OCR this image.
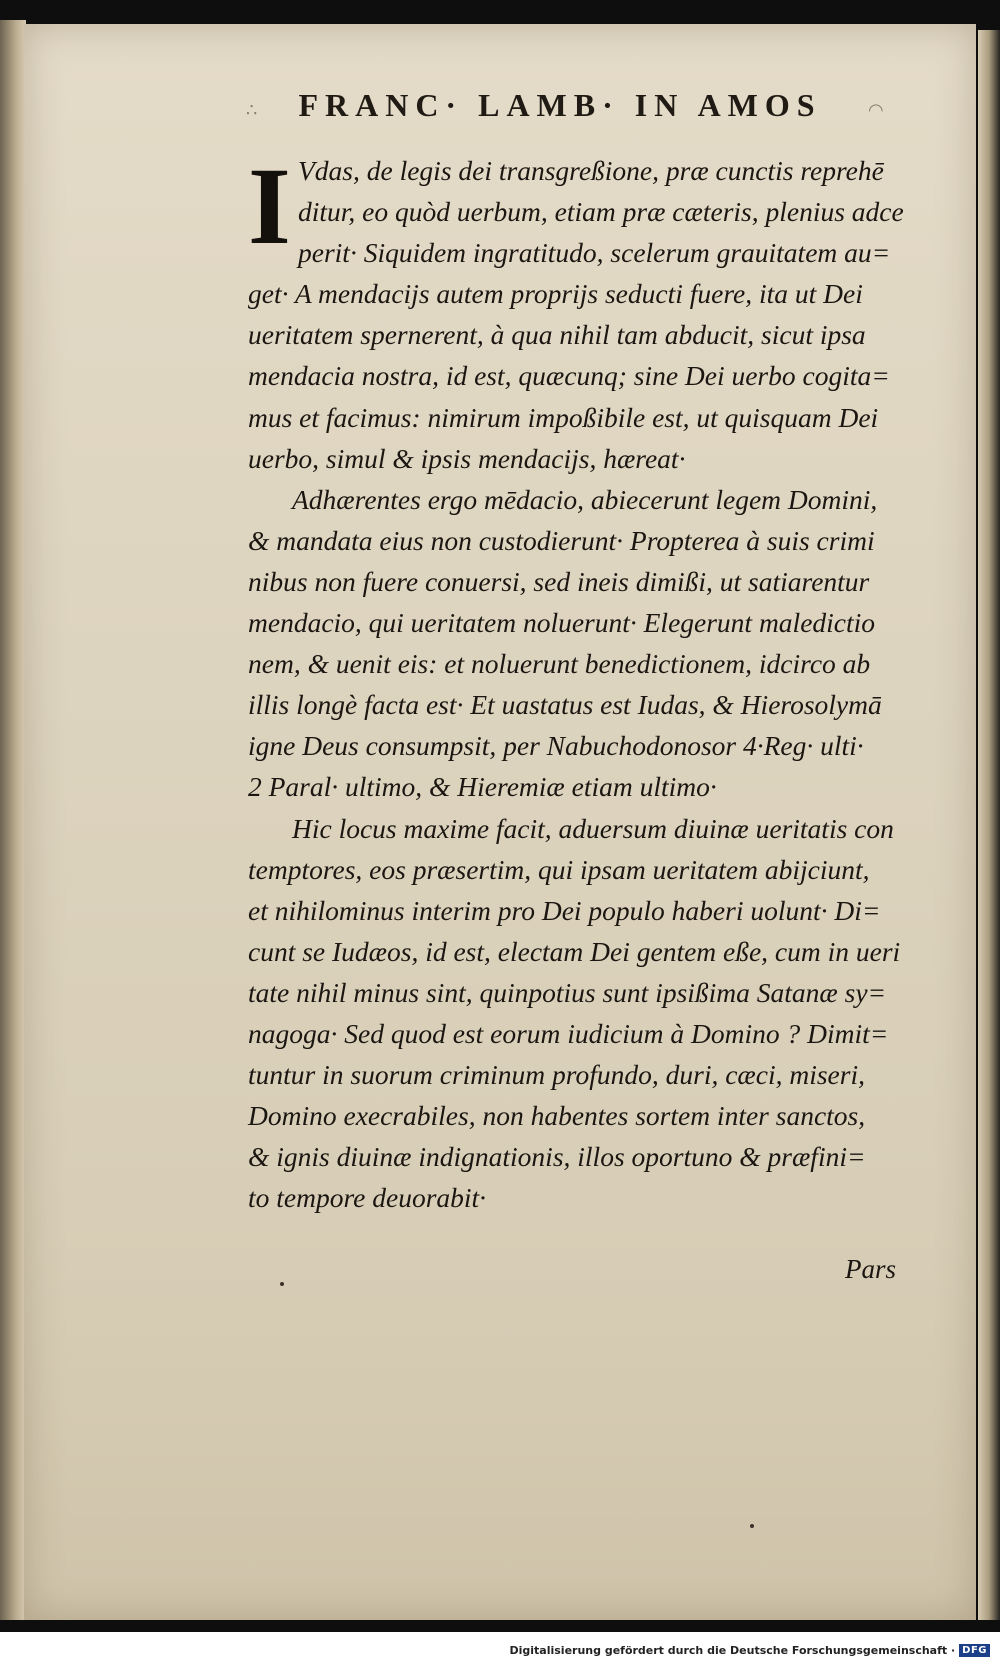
∴	◠
FRANC· LAMB· IN AMOS

I Vdas, de legis dei transgreßione, præ cunctis reprehē
ditur, eo quòd uerbum, etiam præ cæteris, plenius adce
perit· Siquidem ingratitudo, scelerum grauitatem au=
get· A mendacijs autem proprijs seducti fuere, ita ut Dei
ueritatem spernerent, à qua nihil tam abducit, sicut ipsa
mendacia nostra, id est, quæcunq; sine Dei uerbo cogita=
mus et facimus: nimirum impoßibile est, ut quisquam Dei
uerbo, simul & ipsis mendacijs, hæreat·

Adhærentes ergo mēdacio, abiecerunt legem Domini,
& mandata eius non custodierunt· Propterea à suis crimi
nibus non fuere conuersi, sed ineis dimißi, ut satiarentur
mendacio, qui ueritatem noluerunt· Elegerunt maledictio
nem, & uenit eis: et noluerunt benedictionem, idcirco ab
illis longè facta est· Et uastatus est Iudas, & Hierosolymā
igne Deus consumpsit, per Nabuchodonosor 4·Reg· ulti·
2 Paral· ultimo, & Hieremiæ etiam ultimo·

Hic locus maxime facit, aduersum diuinæ ueritatis con
temptores, eos præsertim, qui ipsam ueritatem abijciunt,
et nihilominus interim pro Dei populo haberi uolunt· Di=
cunt se Iudæos, id est, electam Dei gentem eße, cum in ueri
tate nihil minus sint, quinpotius sunt ipsißima Satanæ sy=
nagoga· Sed quod est eorum iudicium à Domino ? Dimit=
tuntur in suorum criminum profundo, duri, cæci, miseri,
Domino execrabiles, non habentes sortem inter sanctos,
& ignis diuinæ indignationis, illos oportuno & præfini=
to tempore deuorabit·

Pars
Digitalisierung gefördert durch die Deutsche Forschungsgemeinschaft · DFG
